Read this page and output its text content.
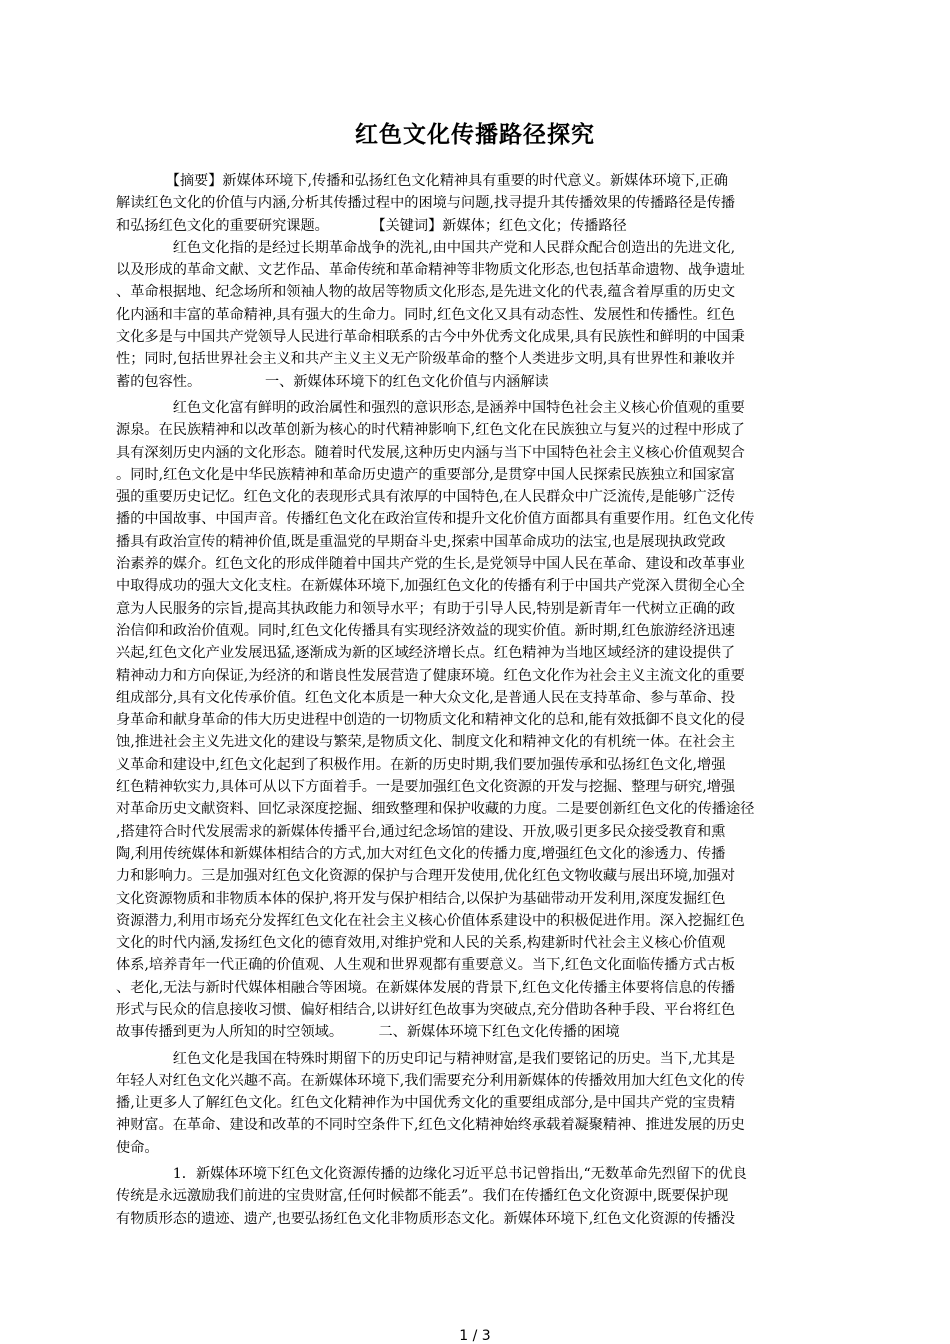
红色文化传播路径探究
　　　　【摘要】新媒体环境下,传播和弘扬红色文化精神具有重要的时代意义。新媒体环境下,正确
解读红色文化的价值与内涵,分析其传播过程中的困境与问题,找寻提升其传播效果的传播路径是传播
和弘扬红色文化的重要研究课题。　　　　【关键词】新媒体；红色文化；传播路径
　　　　红色文化指的是经过长期革命战争的洗礼,由中国共产党和人民群众配合创造出的先进文化,
以及形成的革命文献、文艺作品、革命传统和革命精神等非物质文化形态,也包括革命遗物、战争遗址
、革命根据地、纪念场所和领袖人物的故居等物质文化形态,是先进文化的代表,蕴含着厚重的历史文
化内涵和丰富的革命精神,具有强大的生命力。同时,红色文化又具有动态性、发展性和传播性。红色
文化多是与中国共产党领导人民进行革命相联系的古今中外优秀文化成果,具有民族性和鲜明的中国秉
性；同时,包括世界社会主义和共产主义主义无产阶级革命的整个人类进步文明,具有世界性和兼收并
蓄的包容性。　　　　　一、新媒体环境下的红色文化价值与内涵解读
　　　　红色文化富有鲜明的政治属性和强烈的意识形态,是涵养中国特色社会主义核心价值观的重要
源泉。在民族精神和以改革创新为核心的时代精神影响下,红色文化在民族独立与复兴的过程中形成了
具有深刻历史内涵的文化形态。随着时代发展,这种历史内涵与当下中国特色社会主义核心价值观契合
。同时,红色文化是中华民族精神和革命历史遗产的重要部分,是贯穿中国人民探索民族独立和国家富
强的重要历史记忆。红色文化的表现形式具有浓厚的中国特色,在人民群众中广泛流传,是能够广泛传
播的中国故事、中国声音。传播红色文化在政治宣传和提升文化价值方面都具有重要作用。红色文化传
播具有政治宣传的精神价值,既是重温党的早期奋斗史,探索中国革命成功的法宝,也是展现执政党政
治素养的媒介。红色文化的形成伴随着中国共产党的生长,是党领导中国人民在革命、建设和改革事业
中取得成功的强大文化支柱。在新媒体环境下,加强红色文化的传播有利于中国共产党深入贯彻全心全
意为人民服务的宗旨,提高其执政能力和领导水平；有助于引导人民,特别是新青年一代树立正确的政
治信仰和政治价值观。同时,红色文化传播具有实现经济效益的现实价值。新时期,红色旅游经济迅速
兴起,红色文化产业发展迅猛,逐渐成为新的区域经济增长点。红色精神为当地区域经济的建设提供了
精神动力和方向保证,为经济的和谐良性发展营造了健康环境。红色文化作为社会主义主流文化的重要
组成部分,具有文化传承价值。红色文化本质是一种大众文化,是普通人民在支持革命、参与革命、投
身革命和献身革命的伟大历史进程中创造的一切物质文化和精神文化的总和,能有效抵御不良文化的侵
蚀,推进社会主义先进文化的建设与繁荣,是物质文化、制度文化和精神文化的有机统一体。在社会主
义革命和建设中,红色文化起到了积极作用。在新的历史时期,我们要加强传承和弘扬红色文化,增强
红色精神软实力,具体可从以下方面着手。一是要加强红色文化资源的开发与挖掘、整理与研究,增强
对革命历史文献资料、回忆录深度挖掘、细致整理和保护收藏的力度。二是要创新红色文化的传播途径
,搭建符合时代发展需求的新媒体传播平台,通过纪念场馆的建设、开放,吸引更多民众接受教育和熏
陶,利用传统媒体和新媒体相结合的方式,加大对红色文化的传播力度,增强红色文化的渗透力、传播
力和影响力。三是加强对红色文化资源的保护与合理开发使用,优化红色文物收藏与展出环境,加强对
文化资源物质和非物质本体的保护,将开发与保护相结合,以保护为基础带动开发利用,深度发掘红色
资源潜力,利用市场充分发挥红色文化在社会主义核心价值体系建设中的积极促进作用。深入挖掘红色
文化的时代内涵,发扬红色文化的德育效用,对维护党和人民的关系,构建新时代社会主义核心价值观
体系,培养青年一代正确的价值观、人生观和世界观都有重要意义。当下,红色文化面临传播方式古板
、老化,无法与新时代媒体相融合等困境。在新媒体发展的背景下,红色文化传播主体要将信息的传播
形式与民众的信息接收习惯、偏好相结合,以讲好红色故事为突破点,充分借助各种手段、平台将红色
故事传播到更为人所知的时空领域。　　　二、新媒体环境下红色文化传播的困境
　　　　红色文化是我国在特殊时期留下的历史印记与精神财富,是我们要铭记的历史。当下,尤其是
年轻人对红色文化兴趣不高。在新媒体环境下,我们需要充分利用新媒体的传播效用加大红色文化的传
播,让更多人了解红色文化。红色文化精神作为中国优秀文化的重要组成部分,是中国共产党的宝贵精
神财富。在革命、建设和改革的不同时空条件下,红色文化精神始终承载着凝聚精神、推进发展的历史
使命。
　　　　1．新媒体环境下红色文化资源传播的边缘化习近平总书记曾指出,“无数革命先烈留下的优良
传统是永远激励我们前进的宝贵财富,任何时候都不能丢”。我们在传播红色文化资源中,既要保护现
有物质形态的遗迹、遗产,也要弘扬红色文化非物质形态文化。新媒体环境下,红色文化资源的传播没
1 / 3
